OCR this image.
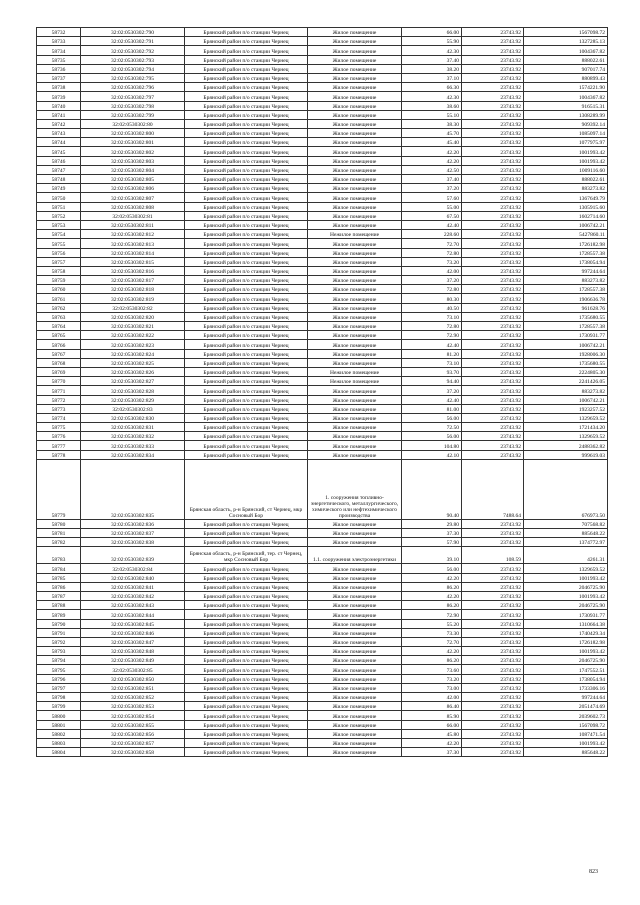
58732	32:02:0530302:790	Брянский район п/о станции Чернец	Жилое помещение	66.00	23743.92	1567098.72
58733	32:02:0530302:791	Брянский район п/о станции Чернец	Жилое помещение	55.90	23743.92	1327285.13
58734	32:02:0530302:792	Брянский район п/о станции Чернец	Жилое помещение	42.30	23743.92	1004367.82
58735	32:02:0530302:793	Брянский район п/о станции Чернец	Жилое помещение	37.40	23743.92	888022.61
58736	32:02:0530302:794	Брянский район п/о станции Чернец	Жилое помещение	38.20	23743.92	907017.74
58737	32:02:0530302:795	Брянский район п/о станции Чернец	Жилое помещение	37.10	23743.92	880899.43
58738	32:02:0530302:796	Брянский район п/о станции Чернец	Жилое помещение	66.30	23743.92	1574221.90
58739	32:02:0530302:797	Брянский район п/о станции Чернец	Жилое помещение	42.30	23743.92	1004367.82
58740	32:02:0530302:798	Брянский район п/о станции Чернец	Жилое помещение	38.60	23743.92	916515.31
58741	32:02:0530302:799	Брянский район п/о станции Чернец	Жилое помещение	55.10	23743.92	1308289.99
58742	32:02:0530302:80	Брянский район п/о станции Чернец	Жилое помещение	38.30	23743.92	909392.14
58743	32:02:0530302:800	Брянский район п/о станции Чернец	Жилое помещение	45.70	23743.92	1085097.14
58744	32:02:0530302:801	Брянский район п/о станции Чернец	Жилое помещение	45.40	23743.92	1077975.97
58745	32:02:0530302:802	Брянский район п/о станции Чернец	Жилое помещение	42.20	23743.92	1001993.42
58746	32:02:0530302:803	Брянский район п/о станции Чернец	Жилое помещение	42.20	23743.92	1001993.42
58747	32:02:0530302:804	Брянский район п/о станции Чернец	Жилое помещение	42.50	23743.92	1009116.60
58748	32:02:0530302:805	Брянский район п/о станции Чернец	Жилое помещение	37.40	23743.92	888022.61
58749	32:02:0530302:806	Брянский район п/о станции Чернец	Жилое помещение	37.20	23743.92	883273.82
58750	32:02:0530302:807	Брянский район п/о станции Чернец	Жилое помещение	57.60	23743.92	1367649.79
58751	32:02:0530302:808	Брянский район п/о станции Чернец	Жилое помещение	55.00	23743.92	1305915.60
58752	32:02:0530302:81	Брянский район п/о станции Чернец	Жилое помещение	67.50	23743.92	1602714.60
58753	32:02:0530302:811	Брянский район п/о станции Чернец	Жилое помещение	42.40	23743.92	1006742.21
58754	32:02:0530302:812	Брянский район п/о станции Чернец	Нежилое помещение	228.60	23743.92	5427860.11
58755	32:02:0530302:813	Брянский район п/о станции Чернец	Жилое помещение	72.70	23743.92	1726182.98
58756	32:02:0530302:814	Брянский район п/о станции Чернец	Жилое помещение	72.80	23743.92	1728557.38
58757	32:02:0530302:815	Брянский район п/о станции Чернец	Жилое помещение	73.20	23743.92	1738054.94
58758	32:02:0530302:816	Брянский район п/о станции Чернец	Жилое помещение	42.00	23743.92	997244.64
58759	32:02:0530302:817	Брянский район п/о станции Чернец	Жилое помещение	37.20	23743.92	883273.82
58760	32:02:0530302:818	Брянский район п/о станции Чернец	Жилое помещение	72.80	23743.92	1728557.38
58761	32:02:0530302:819	Брянский район п/о станции Чернец	Жилое помещение	80.30	23743.92	1906636.78
58762	32:02:0530302:82	Брянский район п/о станции Чернец	Жилое помещение	40.50	23743.92	961628.76
58763	32:02:0530302:820	Брянский район п/о станции Чернец	Жилое помещение	73.10	23743.92	1735680.55
58764	32:02:0530302:821	Брянский район п/о станции Чернец	Жилое помещение	72.80	23743.92	1728557.38
58765	32:02:0530302:822	Брянский район п/о станции Чернец	Жилое помещение	72.90	23743.92	1730931.77
58766	32:02:0530302:823	Брянский район п/о станции Чернец	Жилое помещение	42.40	23743.92	1006742.21
58767	32:02:0530302:824	Брянский район п/о станции Чернец	Жилое помещение	81.20	23743.92	1928006.30
58768	32:02:0530302:825	Брянский район п/о станции Чернец	Жилое помещение	73.10	23743.92	1735680.55
58769	32:02:0530302:826	Брянский район п/о станции Чернец	Нежилое помещение	93.70	23743.92	2224805.30
58770	32:02:0530302:827	Брянский район п/о станции Чернец	Нежилое помещение	94.40	23743.92	2241426.05
58771	32:02:0530302:828	Брянский район п/о станции Чернец	Жилое помещение	37.20	23743.92	883273.82
58772	32:02:0530302:829	Брянский район п/о станции Чернец	Жилое помещение	42.40	23743.92	1006742.21
58773	32:02:0530302:83	Брянский район п/о станции Чернец	Жилое помещение	81.00	23743.92	1923257.52
58774	32:02:0530302:830	Брянский район п/о станции Чернец	Жилое помещение	56.00	23743.92	1329659.52
58775	32:02:0530302:831	Брянский район п/о станции Чернец	Жилое помещение	72.50	23743.92	1721434.20
58776	32:02:0530302:832	Брянский район п/о станции Чернец	Жилое помещение	56.00	23743.92	1329659.52
58777	32:02:0530302:833	Брянский район п/о станции Чернец	Жилое помещение	104.80	23743.92	2488362.82
58778	32:02:0530302:834	Брянский район п/о станции Чернец	Жилое помещение	42.10	23743.92	999619.03
58779	32:02:0530302:835	Брянская область, р-н Брянский, ст Чернец, мкр Сосновый Бор	1. сооружения топливно-энергетического, металлургического, химического или нефтехимического производства	90.40	7488.64	676973.50
58780	32:02:0530302:836	Брянский район п/о станции Чернец	Жилое помещение	29.80	23743.92	707568.82
58781	32:02:0530302:837	Брянский район п/о станции Чернец	Жилое помещение	37.30	23743.92	885648.22
58782	32:02:0530302:838	Брянский район п/о станции Чернец	Жилое помещение	57.90	23743.92	1374772.97
58783	32:02:0530302:839	Брянская область, р-н Брянский, тер. ст Чернец, мкр Сосновый Бор	1.1. сооружения электроэнергетики	39.10	108.59	4261.31
58784	32:02:0530302:84	Брянский район п/о станции Чернец	Жилое помещение	56.00	23743.92	1329659.52
58785	32:02:0530302:840	Брянский район п/о станции Чернец	Жилое помещение	42.20	23743.92	1001993.42
58786	32:02:0530302:841	Брянский район п/о станции Чернец	Жилое помещение	86.20	23743.92	2046725.90
58787	32:02:0530302:842	Брянский район п/о станции Чернец	Жилое помещение	42.20	23743.92	1001993.42
58788	32:02:0530302:843	Брянский район п/о станции Чернец	Жилое помещение	86.20	23743.92	2046725.90
58789	32:02:0530302:844	Брянский район п/о станции Чернец	Жилое помещение	72.90	23743.92	1730931.77
58790	32:02:0530302:845	Брянский район п/о станции Чернец	Жилое помещение	55.20	23743.92	1310664.38
58791	32:02:0530302:846	Брянский район п/о станции Чернец	Жилое помещение	73.30	23743.92	1740429.34
58792	32:02:0530302:847	Брянский район п/о станции Чернец	Жилое помещение	72.70	23743.92	1726182.98
58793	32:02:0530302:848	Брянский район п/о станции Чернец	Жилое помещение	42.20	23743.92	1001993.42
58794	32:02:0530302:849	Брянский район п/о станции Чернец	Жилое помещение	86.20	23743.92	2046725.90
58795	32:02:0530302:85	Брянский район п/о станции Чернец	Жилое помещение	73.60	23743.92	1747552.51
58796	32:02:0530302:850	Брянский район п/о станции Чернец	Жилое помещение	73.20	23743.92	1738054.94
58797	32:02:0530302:851	Брянский район п/о станции Чернец	Жилое помещение	73.00	23743.92	1733306.16
58798	32:02:0530302:852	Брянский район п/о станции Чернец	Жилое помещение	42.00	23743.92	997244.64
58799	32:02:0530302:853	Брянский район п/о станции Чернец	Жилое помещение	86.40	23743.92	2051474.69
58800	32:02:0530302:854	Брянский район п/о станции Чернец	Жилое помещение	85.90	23743.92	2039602.73
58801	32:02:0530302:855	Брянский район п/о станции Чернец	Жилое помещение	66.00	23743.92	1567098.72
58802	32:02:0530302:856	Брянский район п/о станции Чернец	Жилое помещение	45.80	23743.92	1087471.54
58803	32:02:0530302:857	Брянский район п/о станции Чернец	Жилое помещение	42.20	23743.92	1001993.42
58804	32:02:0530302:858	Брянский район п/о станции Чернец	Жилое помещение	37.30	23743.92	885648.22
823
